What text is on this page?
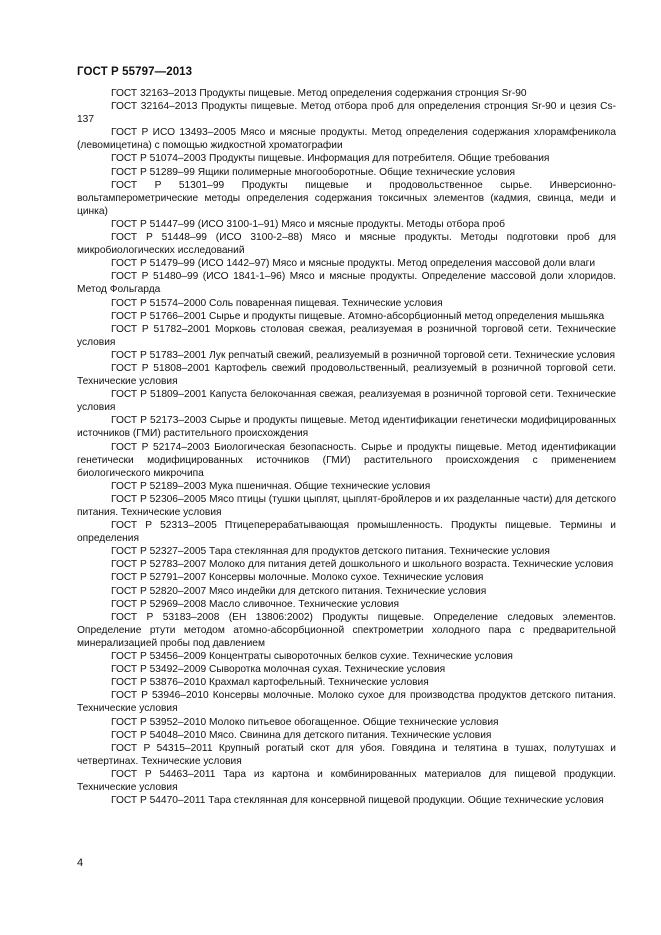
ГОСТ Р 55797—2013

ГОСТ 32163–2013 Продукты пищевые. Метод определения содержания стронция Sr-90

ГОСТ 32164–2013 Продукты пищевые. Метод отбора проб для определения стронция Sr-90 и цезия Cs-137

ГОСТ Р ИСО 13493–2005 Мясо и мясные продукты. Метод определения содержания хлорамфеникола (левомицетина) с помощью жидкостной хроматографии

ГОСТ Р 51074–2003 Продукты пищевые. Информация для потребителя. Общие требования

ГОСТ Р 51289–99 Ящики полимерные многооборотные. Общие технические условия

ГОСТ Р 51301–99 Продукты пищевые и продовольственное сырье. Инверсионно-вольтамперометрические методы определения содержания токсичных элементов (кадмия, свинца, меди и цинка)

ГОСТ Р 51447–99 (ИСО 3100-1–91) Мясо и мясные продукты. Методы отбора проб

ГОСТ Р 51448–99 (ИСО 3100-2–88) Мясо и мясные продукты. Методы подготовки проб для микробиологических исследований

ГОСТ Р 51479–99 (ИСО 1442–97) Мясо и мясные продукты. Метод определения массовой доли влаги

ГОСТ Р 51480–99 (ИСО 1841-1–96) Мясо и мясные продукты. Определение массовой доли хлоридов. Метод Фольгарда

ГОСТ Р 51574–2000 Соль поваренная пищевая. Технические условия

ГОСТ Р 51766–2001 Сырье и продукты пищевые. Атомно-абсорбционный метод определения мышьяка

ГОСТ Р 51782–2001 Морковь столовая свежая, реализуемая в розничной торговой сети. Технические условия

ГОСТ Р 51783–2001 Лук репчатый свежий, реализуемый в розничной торговой сети. Технические условия

ГОСТ Р 51808–2001 Картофель свежий продовольственный, реализуемый в розничной торговой сети. Технические условия

ГОСТ Р 51809–2001 Капуста белокочанная свежая, реализуемая в розничной торговой сети. Технические условия

ГОСТ Р 52173–2003 Сырье и продукты пищевые. Метод идентификации генетически модифицированных источников (ГМИ) растительного происхождения

ГОСТ Р 52174–2003 Биологическая безопасность. Сырье и продукты пищевые. Метод идентификации генетически модифицированных источников (ГМИ) растительного происхождения с применением биологического микрочипа

ГОСТ Р 52189–2003 Мука пшеничная. Общие технические условия

ГОСТ Р 52306–2005 Мясо птицы (тушки цыплят, цыплят-бройлеров и их разделанные части) для детского питания. Технические условия

ГОСТ Р 52313–2005 Птицеперерабатывающая промышленность. Продукты пищевые. Термины и определения

ГОСТ Р 52327–2005 Тара стеклянная для продуктов детского питания. Технические условия

ГОСТ Р 52783–2007 Молоко для питания детей дошкольного и школьного возраста. Технические условия

ГОСТ Р 52791–2007 Консервы молочные. Молоко сухое. Технические условия

ГОСТ Р 52820–2007 Мясо индейки для детского питания. Технические условия

ГОСТ Р 52969–2008 Масло сливочное. Технические условия

ГОСТ Р 53183–2008 (ЕН 13806:2002) Продукты пищевые. Определение следовых элементов. Определение ртути методом атомно-абсорбционной спектрометрии холодного пара с предварительной минерализацией пробы под давлением

ГОСТ Р 53456–2009 Концентраты сывороточных белков сухие. Технические условия

ГОСТ Р 53492–2009 Сыворотка молочная сухая. Технические условия

ГОСТ Р 53876–2010 Крахмал картофельный. Технические условия

ГОСТ Р 53946–2010 Консервы молочные. Молоко сухое для производства продуктов детского питания. Технические условия

ГОСТ Р 53952–2010 Молоко питьевое обогащенное. Общие технические условия

ГОСТ Р 54048–2010 Мясо. Свинина для детского питания. Технические условия

ГОСТ Р 54315–2011 Крупный рогатый скот для убоя. Говядина и телятина в тушах, полутушах и четвертинах. Технические условия

ГОСТ Р 54463–2011 Тара из картона и комбинированных материалов для пищевой продукции. Технические условия

ГОСТ Р 54470–2011 Тара стеклянная для консервной пищевой продукции. Общие технические условия

4
